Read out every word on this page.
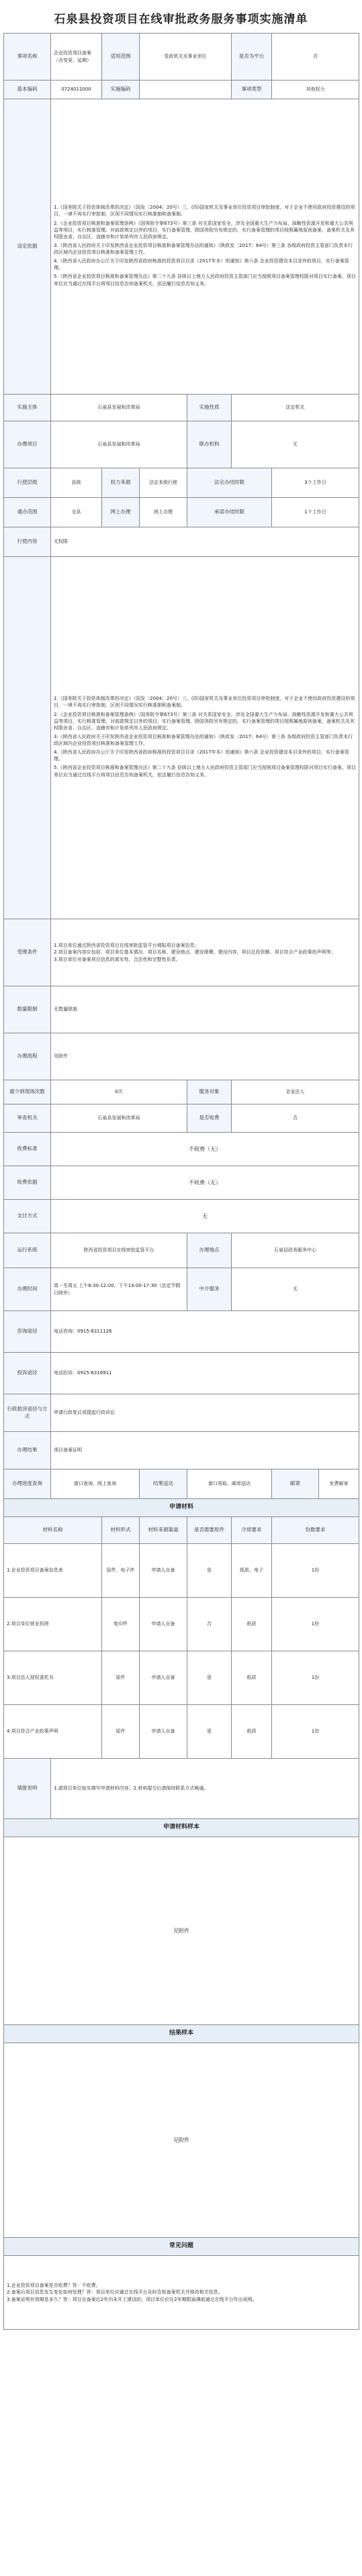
石泉县投资项目在线审批政务服务事项实施清单
事项名称	企业投资项目备案（含变更、延期）	适用范围	党政机关及事业单位		是否为平台	否	
基本编码	0724011000	实施编码			事项类型	其他权力	
设定依据	1.《国务院关于投资体制改革的决定》（国发〔2004〕20号）三、(四)国家机关及事业单位投资项目审批制度，对于企业不使用政府投资建设的项目，一律不再实行审批制，区别不同情况实行核准制和备案制。
2.《企业投资项目核准和备案管理条例》（国务院令第673号）第三条 对关系国家安全、涉及全国重大生产力布局、战略性资源开发和重大公共利益等项目，实行核准管理。对前款规定以外的项目，实行备案管理。除国务院另有规定的，实行备案管理的项目按照属地原则备案，备案机关及其权限由省、自治区、直辖市和计划单列市人民政府规定。
3.《陕西省人民政府关于印发陕西省企业投资项目核准和备案管理办法的通知》（陕政发〔2017〕64号）第三条 各级政府投资主管部门负责本行政区域内企业投资项目核准和备案管理工作。
4.《陕西省人民政府办公厅关于印发陕西省政府核准的投资项目目录（2017年本）的通知》第六条 企业投资建设本目录外的项目，实行备案管理。
5.《陕西省企业投资项目核准和备案管理办法》第二十九条 县级以上地方人民政府投资主管部门应当按照项目备案管理权限对项目实行备案。项目单位应当通过在线平台将项目信息告知备案机关，依法履行信息告知义务。						

实施主体	石泉县发展和改革局			实施性质	法定机关		
办理项目	石泉县发展和改革局			联办机构	无		
行使层级	县级	权力来源	法定本级行使	法定办结时限		3个工作日	
通办范围	全县	网上办理	网上办理	承诺办结时限		1个工作日	
行使内容	无权限						

	1.《国务院关于投资体制改革的决定》（国发〔2004〕20号）三、(四)国家机关及事业单位投资项目审批制度，对于企业不使用政府投资建设的项目，一律不再实行审批制，区别不同情况实行核准制和备案制。
2.《企业投资项目核准和备案管理条例》（国务院令第673号）第三条 对关系国家安全、涉及全国重大生产力布局、战略性资源开发和重大公共利益等项目，实行核准管理。对前款规定以外的项目，实行备案管理。除国务院另有规定的，实行备案管理的项目按照属地原则备案，备案机关及其权限由省、自治区、直辖市和计划单列市人民政府规定。
3.《陕西省人民政府关于印发陕西省企业投资项目核准和备案管理办法的通知》（陕政发〔2017〕64号）第三条 各级政府投资主管部门负责本行政区域内企业投资项目核准和备案管理工作。
4.《陕西省人民政府办公厅关于印发陕西省政府核准的投资项目目录（2017年本）的通知》第六条 企业投资建设本目录外的项目，实行备案管理。
5.《陕西省企业投资项目核准和备案管理办法》第二十九条 县级以上地方人民政府投资主管部门应当按照项目备案管理权限对项目实行备案。项目单位应当通过在线平台将项目信息告知备案机关，依法履行信息告知义务。						

受理条件	1.项目单位通过陕西省投资项目在线审批监管平台填报项目备案信息；
2.项目备案内容应包括：项目单位基本情况、项目名称、建设地点、建设规模、建设内容、项目总投资额、项目符合产业政策的声明等；
3.项目单位对备案项目信息的真实性、合法性和完整性负责。						

数量限制	无数量限制						
办理流程	见附件						
最少到现场次数	0次			服务对象	企业法人		
审查机关	石泉县发展和改革局			是否收费	否		
收费标准	不收费（无）						
收费依据	不收费（无）						
支付方式	无						
运行系统	陕西省投资项目在线审批监管平台			办理地点	石泉县政务服务中心		
办理时间	周一至周五 上午8:30-12:00，下午14:00-17:30（法定节假日除外）			中介服务	无		
咨询途径	电话咨询：0915-6311126						
投诉途径	电话投诉：0915-6316911						
行政救济途径与方式	申请行政复议或提起行政诉讼						
办理结果	项目备案证明						
办理进度查询	窗口查询、网上查询		结果送达	窗口领取、邮寄送达		邮寄	免费邮寄
申请材料							
材料名称		材料形式	材料来源渠道	是否需要原件	介质要求	份数要求	
1.企业投资项目备案信息表		原件、电子件	申请人自备	是	纸质、电子	1份	
2.项目单位营业执照		复印件	申请人自备	否	纸质	1份	
3.项目法人授权委托书		原件	申请人自备	是	纸质	1份	
4.项目符合产业政策声明		原件	申请人自备	是	纸质	1份	
填报说明	1.请项目单位如实填写申请材料内容；2.材料提交后请保持联系方式畅通。						
申请材料样本							
见附件							
结果样本							
见附件							
常见问题							

1.企业投资项目备案是否收费？答：不收费。
2.备案后项目信息发生变化如何处理？答：项目单位应通过在线平台及时告知备案机关并修改相关信息。
3.备案证明有效期是多久？答：项目自备案后2年内未开工建设的，项目单位应在2年期限届满前通过在线平台作出说明。							
